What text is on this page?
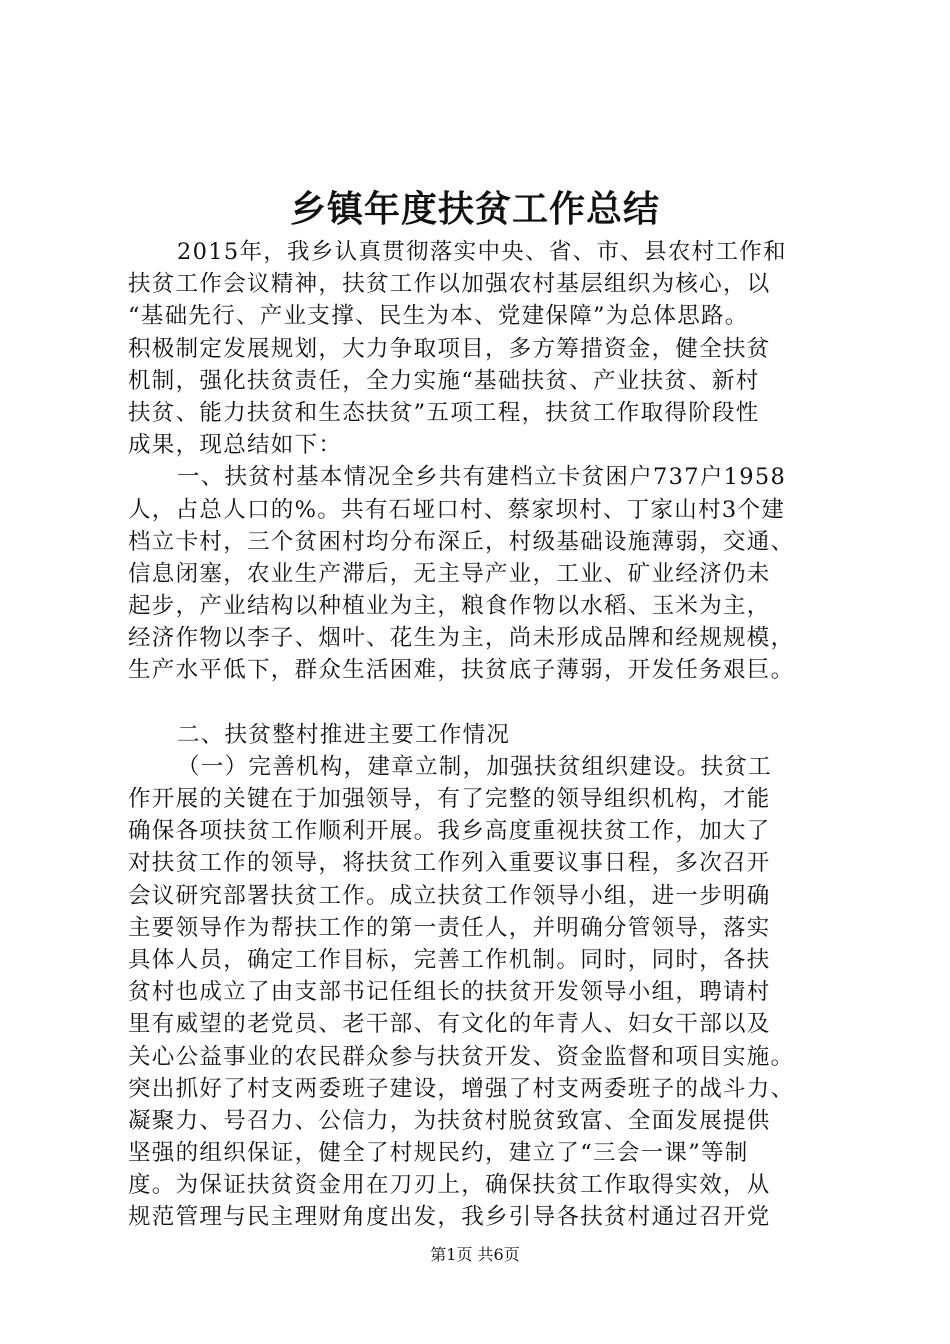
乡镇年度扶贫工作总结
2015年，我乡认真贯彻落实中央、省、市、县农村工作和
扶贫工作会议精神，扶贫工作以加强农村基层组织为核心，以
“基础先行、产业支撑、民生为本、党建保障”为总体思路。
积极制定发展规划，大力争取项目，多方筹措资金，健全扶贫
机制，强化扶贫责任，全力实施“基础扶贫、产业扶贫、新村
扶贫、能力扶贫和生态扶贫”五项工程，扶贫工作取得阶段性
成果，现总结如下：
一、扶贫村基本情况全乡共有建档立卡贫困户737户1958
人，占总人口的%。共有石垭口村、蔡家坝村、丁家山村3个建
档立卡村，三个贫困村均分布深丘，村级基础设施薄弱，交通、
信息闭塞，农业生产滞后，无主导产业，工业、矿业经济仍未
起步，产业结构以种植业为主，粮食作物以水稻、玉米为主，
经济作物以李子、烟叶、花生为主，尚未形成品牌和经规规模，
生产水平低下，群众生活困难，扶贫底子薄弱，开发任务艰巨。
二、扶贫整村推进主要工作情况
（一）完善机构，建章立制，加强扶贫组织建设。扶贫工
作开展的关键在于加强领导，有了完整的领导组织机构，才能
确保各项扶贫工作顺利开展。我乡高度重视扶贫工作，加大了
对扶贫工作的领导，将扶贫工作列入重要议事日程，多次召开
会议研究部署扶贫工作。成立扶贫工作领导小组，进一步明确
主要领导作为帮扶工作的第一责任人，并明确分管领导，落实
具体人员，确定工作目标，完善工作机制。同时，同时，各扶
贫村也成立了由支部书记任组长的扶贫开发领导小组，聘请村
里有威望的老党员、老干部、有文化的年青人、妇女干部以及
关心公益事业的农民群众参与扶贫开发、资金监督和项目实施。
突出抓好了村支两委班子建设，增强了村支两委班子的战斗力、
凝聚力、号召力、公信力，为扶贫村脱贫致富、全面发展提供
坚强的组织保证，健全了村规民约，建立了“三会一课”等制
度。为保证扶贫资金用在刀刃上，确保扶贫工作取得实效，从
规范管理与民主理财角度出发，我乡引导各扶贫村通过召开党
第1页 共6页
